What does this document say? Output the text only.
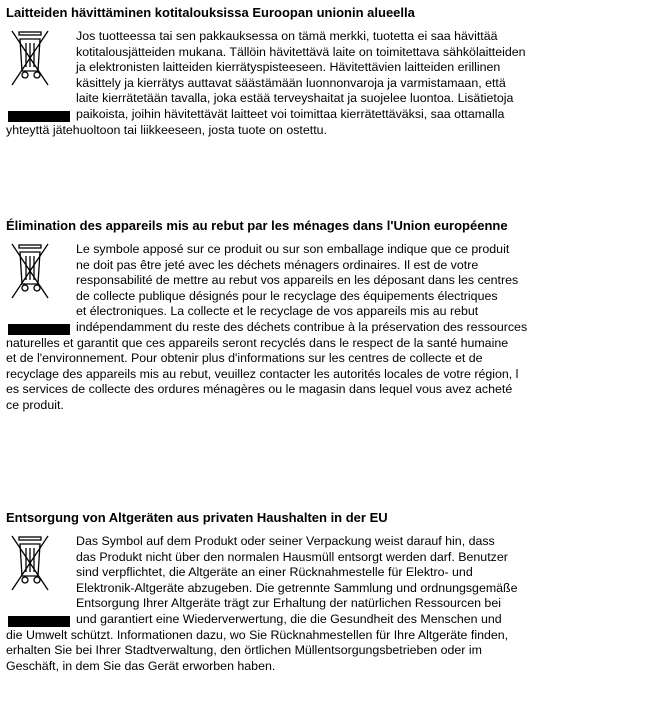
Laitteiden hävittäminen kotitalouksissa Euroopan unionin alueella
Jos tuotteessa tai sen pakkauksessa on tämä merkki, tuotetta ei saa hävittää
kotitalousjätteiden mukana. Tällöin hävitettävä laite on toimitettava sähkölaitteiden
ja elektronisten laitteiden kierrätyspisteeseen. Hävitettävien laitteiden erillinen
käsittely ja kierrätys auttavat säästämään luonnonvaroja ja varmistamaan, että
laite kierrätetään tavalla, joka estää terveyshaitat ja suojelee luontoa. Lisätietoja
paikoista, joihin hävitettävät laitteet voi toimittaa kierrätettäväksi, saa ottamalla
yhteyttä jätehuoltoon tai liikkeeseen, josta tuote on ostettu.
Élimination des appareils mis au rebut par les ménages dans l'Union européenne
Le symbole apposé sur ce produit ou sur son emballage indique que ce produit
ne doit pas être jeté avec les déchets ménagers ordinaires. Il est de votre
responsabilité de mettre au rebut vos appareils en les déposant dans les centres
de collecte publique désignés pour le recyclage des équipements électriques
et électroniques. La collecte et le recyclage de vos appareils mis au rebut
indépendamment du reste des déchets contribue à la préservation des ressources
naturelles et garantit que ces appareils seront recyclés dans le respect de la santé humaine
et de l'environnement. Pour obtenir plus d'informations sur les centres de collecte et de
recyclage des appareils mis au rebut, veuillez contacter les autorités locales de votre région, l
es services de collecte des ordures ménagères ou le magasin dans lequel vous avez acheté
ce produit.
Entsorgung von Altgeräten aus privaten Haushalten in der EU
Das Symbol auf dem Produkt oder seiner Verpackung weist darauf hin, dass
das Produkt nicht über den normalen Hausmüll entsorgt werden darf. Benutzer
sind verpflichtet, die Altgeräte an einer Rücknahmestelle für Elektro- und
Elektronik-Altgeräte abzugeben. Die getrennte Sammlung und ordnungsgemäße
Entsorgung Ihrer Altgeräte trägt zur Erhaltung der natürlichen Ressourcen bei
und garantiert eine Wiederverwertung, die die Gesundheit des Menschen und
die Umwelt schützt. Informationen dazu, wo Sie Rücknahmestellen für Ihre Altgeräte finden,
erhalten Sie bei Ihrer Stadtverwaltung, den örtlichen Müllentsorgungsbetrieben oder im
Geschäft, in dem Sie das Gerät erworben haben.
